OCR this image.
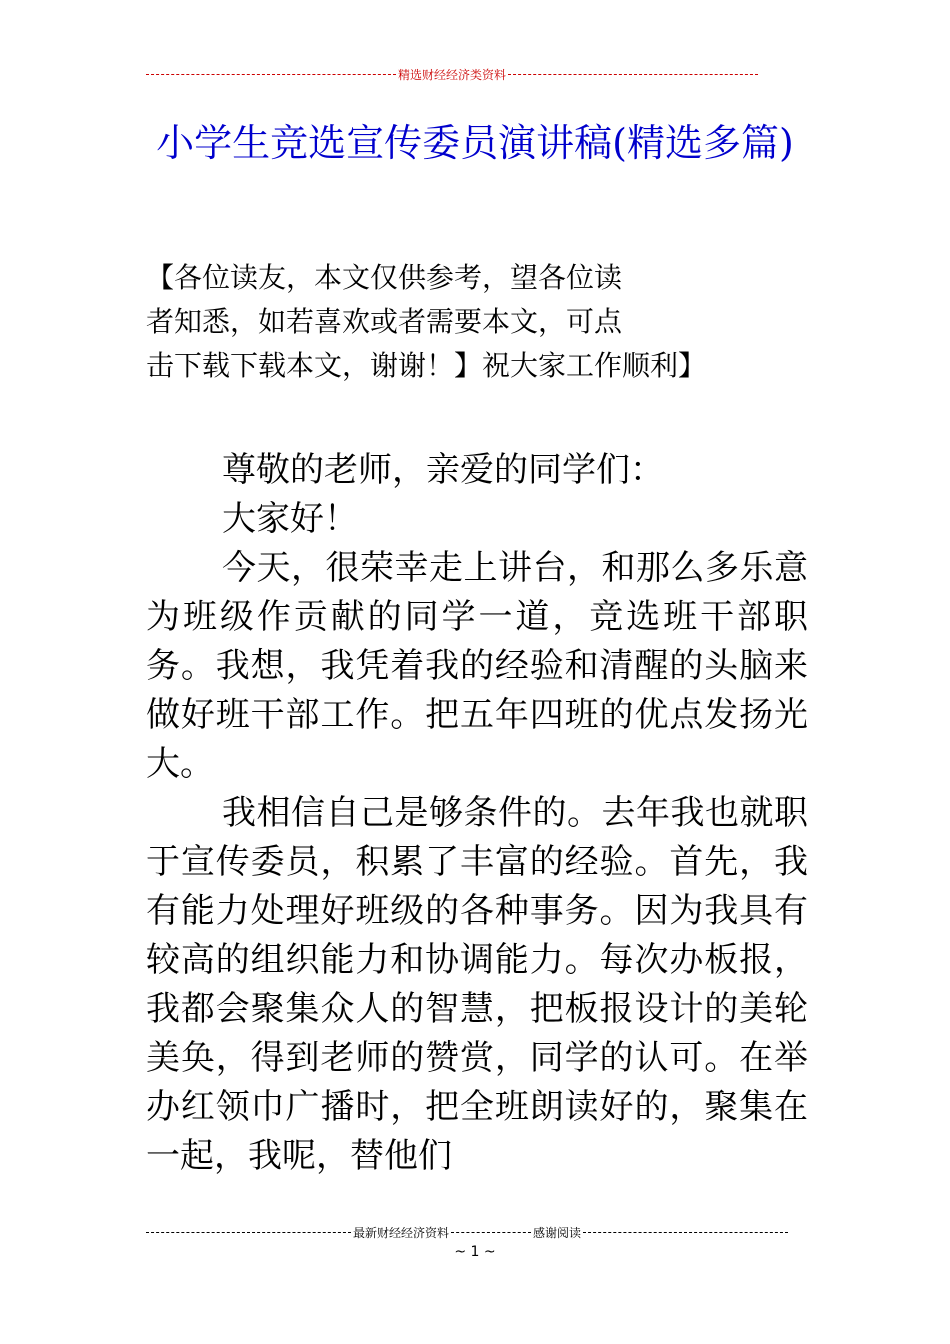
精选财经经济类资料
小学生竞选宣传委员演讲稿(精选多篇)
【各位读友，本文仅供参考，望各位读
者知悉，如若喜欢或者需要本文，可点
击下载下载本文，谢谢！】祝大家工作顺利】

尊敬的老师，亲爱的同学们：

大家好！

今天，很荣幸走上讲台，和那么多乐意为班级作贡献的同学一道，竞选班干部职务。我想，我凭着我的经验和清醒的头脑来做好班干部工作。把五年四班的优点发扬光大。

我相信自己是够条件的。去年我也就职于宣传委员，积累了丰富的经验。首先，我有能力处理好班级的各种事务。因为我具有较高的组织能力和协调能力。每次办板报，我都会聚集众人的智慧，把板报设计的美轮美奂，得到老师的赞赏，同学的认可。在举办红领巾广播时，把全班朗读好的，聚集在一起，我呢，替他们

最新财经经济资料	感谢阅读
~ 1 ~
